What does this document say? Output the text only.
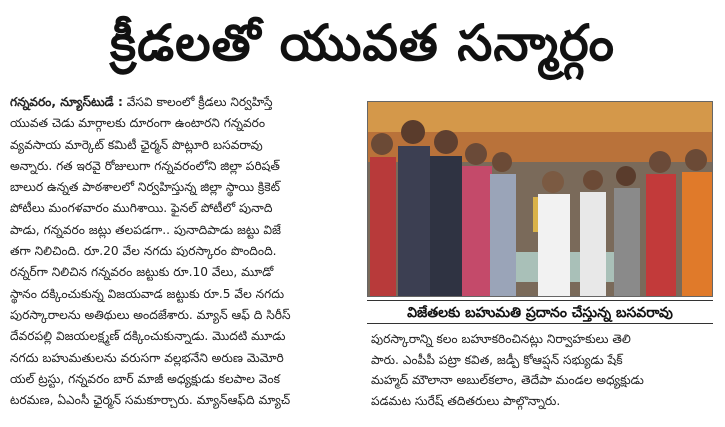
క్రీడలతో యువత సన్మార్గం
గన్నవరం, న్యూస్‌టుడే : వేసవి కాలంలో క్రీడలు నిర్వహిస్తే
యువత చెడు మార్గాలకు దూరంగా ఉంటారని గన్నవరం
వ్యవసాయ మార్కెట్ కమిటీ ఛైర్మన్ పొట్లూరి బసవరావు
అన్నారు. గత ఇరవై రోజులుగా గన్నవరంలోని జిల్లా పరిషత్
బాలుర ఉన్నత పాఠశాలలో నిర్వహిస్తున్న జిల్లా స్థాయి క్రికెట్
పోటీలు మంగళవారం ముగిశాయి. ఫైనల్ పోటీలో పునాది
పాడు, గన్నవరం జట్లు తలపడగా.. పునాదిపాడు జట్టు విజే
తగా నిలిచింది. రూ.20 వేల నగదు పురస్కారం పొందింది.
రన్నర్‌గా నిలిచిన గన్నవరం జట్టుకు రూ.10 వేలు, మూడో
స్థానం దక్కించుకున్న విజయవాడ జట్టుకు రూ.5 వేల నగదు
పురస్కారాలను అతిథులు అందజేశారు. మ్యాన్ ఆఫ్ ది సిరీస్
దేవరపల్లి విజయలక్ష్మణ్ దక్కించుకున్నాడు. మొదటి మూడు
నగదు బహుమతులను వరుసగా వల్లభనేని అరుణ మెమోరి
యల్ ట్రస్టు, గన్నవరం బార్ మాజీ అధ్యక్షుడు కలపాల వెంక
టరమణ, ఏఎంసీ ఛైర్మన్ సమకూర్చారు. మ్యాన్‌ఆఫ్‌ది మ్యాచ్
విజేతలకు బహుమతి ప్రదానం చేస్తున్న బసవరావు
పురస్కారాన్ని కలం బహూకరించినట్లు నిర్వాహకులు తెలి
పారు. ఎంపీపీ పట్రా కవిత, జడ్పీ కోఆప్షన్ సభ్యుడు షేక్
మహ్మద్ మౌలానా అబుల్‌కలాం, తెదేపా మండల అధ్యక్షుడు
పడమట సురేష్ తదితరులు పాల్గొన్నారు.
